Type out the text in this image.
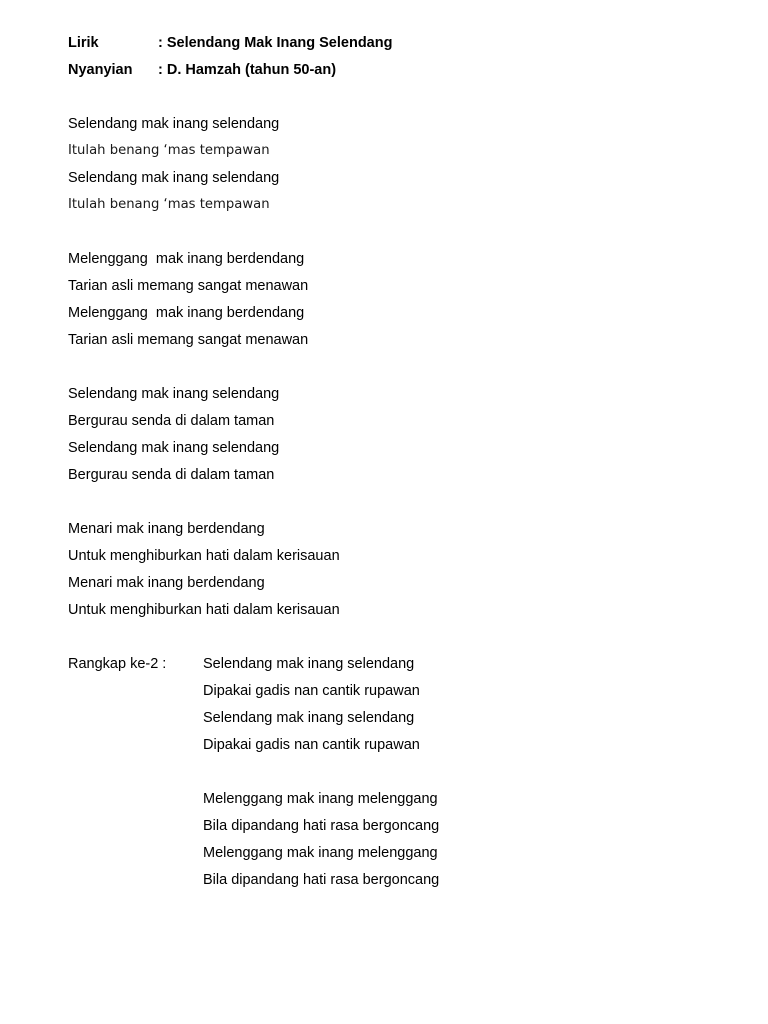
Lirik	: Selendang Mak Inang Selendang
Nyanyian : D. Hamzah (tahun 50-an)
Selendang mak inang selendang
Itulah benang ‘mas tempawan
Selendang mak inang selendang
Itulah benang ‘mas tempawan
Melenggang  mak inang berdendang
Tarian asli memang sangat menawan
Melenggang  mak inang berdendang
Tarian asli memang sangat menawan
Selendang mak inang selendang
Bergurau senda di dalam taman
Selendang mak inang selendang
Bergurau senda di dalam taman
Menari mak inang berdendang
Untuk menghiburkan hati dalam kerisauan
Menari mak inang berdendang
Untuk menghiburkan hati dalam kerisauan
Rangkap ke-2 :	Selendang mak inang selendang
Dipakai gadis nan cantik rupawan
Selendang mak inang selendang
Dipakai gadis nan cantik rupawan
Melenggang mak inang melenggang
Bila dipandang hati rasa bergoncang
Melenggang mak inang melenggang
Bila dipandang hati rasa bergoncang
